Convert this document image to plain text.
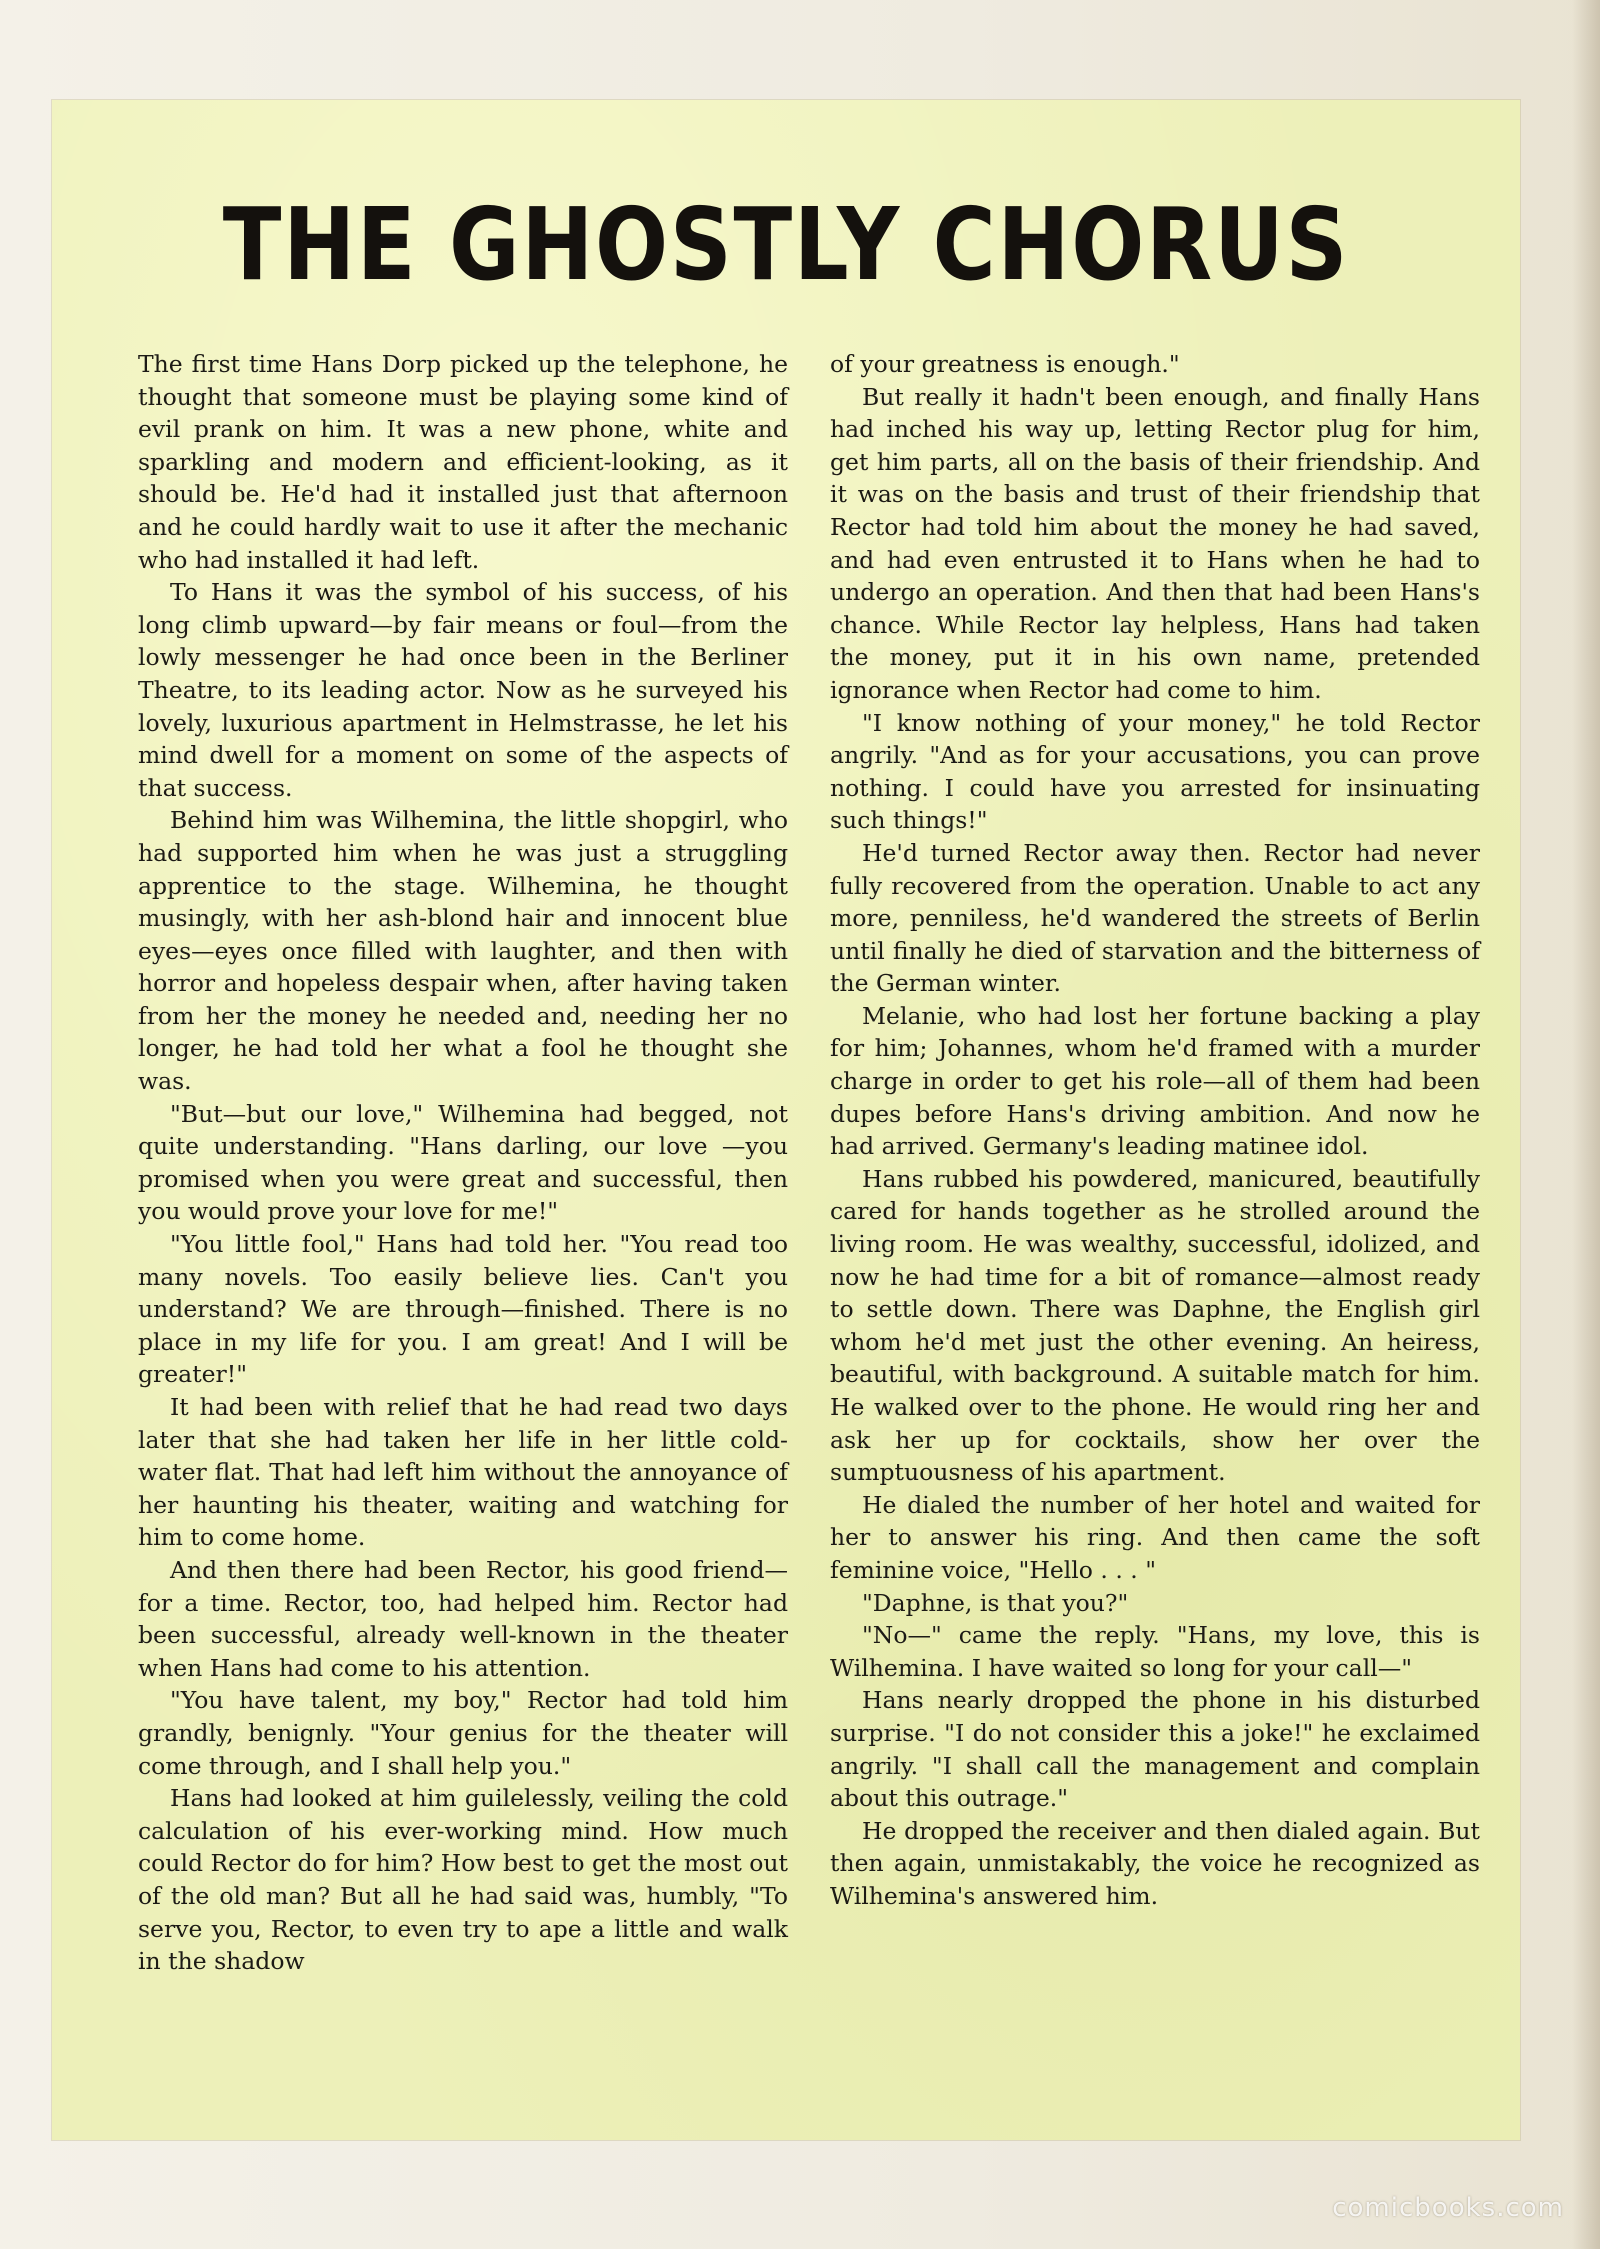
THE GHOSTLY CHORUS

The first time Hans Dorp picked up the telephone, he thought that someone must be playing some kind of evil prank on him. It was a new phone, white and sparkling and modern and efficient-looking, as it should be. He'd had it installed just that afternoon and he could hardly wait to use it after the mechanic who had installed it had left.

To Hans it was the symbol of his success, of his long climb upward—by fair means or foul—from the lowly messenger he had once been in the Berliner Theatre, to its leading actor. Now as he surveyed his lovely, luxurious apartment in Helmstrasse, he let his mind dwell for a moment on some of the aspects of that success.

Behind him was Wilhemina, the little shopgirl, who had supported him when he was just a struggling apprentice to the stage. Wilhemina, he thought musingly, with her ash-blond hair and innocent blue eyes—eyes once filled with laughter, and then with horror and hopeless despair when, after having taken from her the money he needed and, needing her no longer, he had told her what a fool he thought she was.

"But—but our love," Wilhemina had begged, not quite understanding. "Hans darling, our love —you promised when you were great and successful, then you would prove your love for me!"

"You little fool," Hans had told her. "You read too many novels. Too easily believe lies. Can't you understand? We are through—finished. There is no place in my life for you. I am great! And I will be greater!"

It had been with relief that he had read two days later that she had taken her life in her little cold-water flat. That had left him without the annoyance of her haunting his theater, waiting and watching for him to come home.

And then there had been Rector, his good friend—for a time. Rector, too, had helped him. Rector had been successful, already well-known in the theater when Hans had come to his attention.

"You have talent, my boy," Rector had told him grandly, benignly. "Your genius for the theater will come through, and I shall help you."

Hans had looked at him guilelessly, veiling the cold calculation of his ever-working mind. How much could Rector do for him? How best to get the most out of the old man? But all he had said was, humbly, "To serve you, Rector, to even try to ape a little and walk in the shadow

of your greatness is enough."

But really it hadn't been enough, and finally Hans had inched his way up, letting Rector plug for him, get him parts, all on the basis of their friendship. And it was on the basis and trust of their friendship that Rector had told him about the money he had saved, and had even entrusted it to Hans when he had to undergo an operation. And then that had been Hans's chance. While Rector lay helpless, Hans had taken the money, put it in his own name, pretended ignorance when Rector had come to him.

"I know nothing of your money," he told Rector angrily. "And as for your accusations, you can prove nothing. I could have you arrested for insinuating such things!"

He'd turned Rector away then. Rector had never fully recovered from the operation. Unable to act any more, penniless, he'd wandered the streets of Berlin until finally he died of starvation and the bitterness of the German winter.

Melanie, who had lost her fortune backing a play for him; Johannes, whom he'd framed with a murder charge in order to get his role—all of them had been dupes before Hans's driving ambition. And now he had arrived. Germany's leading matinee idol.

Hans rubbed his powdered, manicured, beautifully cared for hands together as he strolled around the living room. He was wealthy, successful, idolized, and now he had time for a bit of romance—almost ready to settle down. There was Daphne, the English girl whom he'd met just the other evening. An heiress, beautiful, with background. A suitable match for him. He walked over to the phone. He would ring her and ask her up for cocktails, show her over the sumptuousness of his apartment.

He dialed the number of her hotel and waited for her to answer his ring. And then came the soft feminine voice, "Hello . . . "

"Daphne, is that you?"

"No—" came the reply. "Hans, my love, this is Wilhemina. I have waited so long for your call—"

Hans nearly dropped the phone in his disturbed surprise. "I do not consider this a joke!" he exclaimed angrily. "I shall call the management and complain about this outrage."

He dropped the receiver and then dialed again. But then again, unmistakably, the voice he recognized as Wilhemina's answered him.

comicbooks.com
